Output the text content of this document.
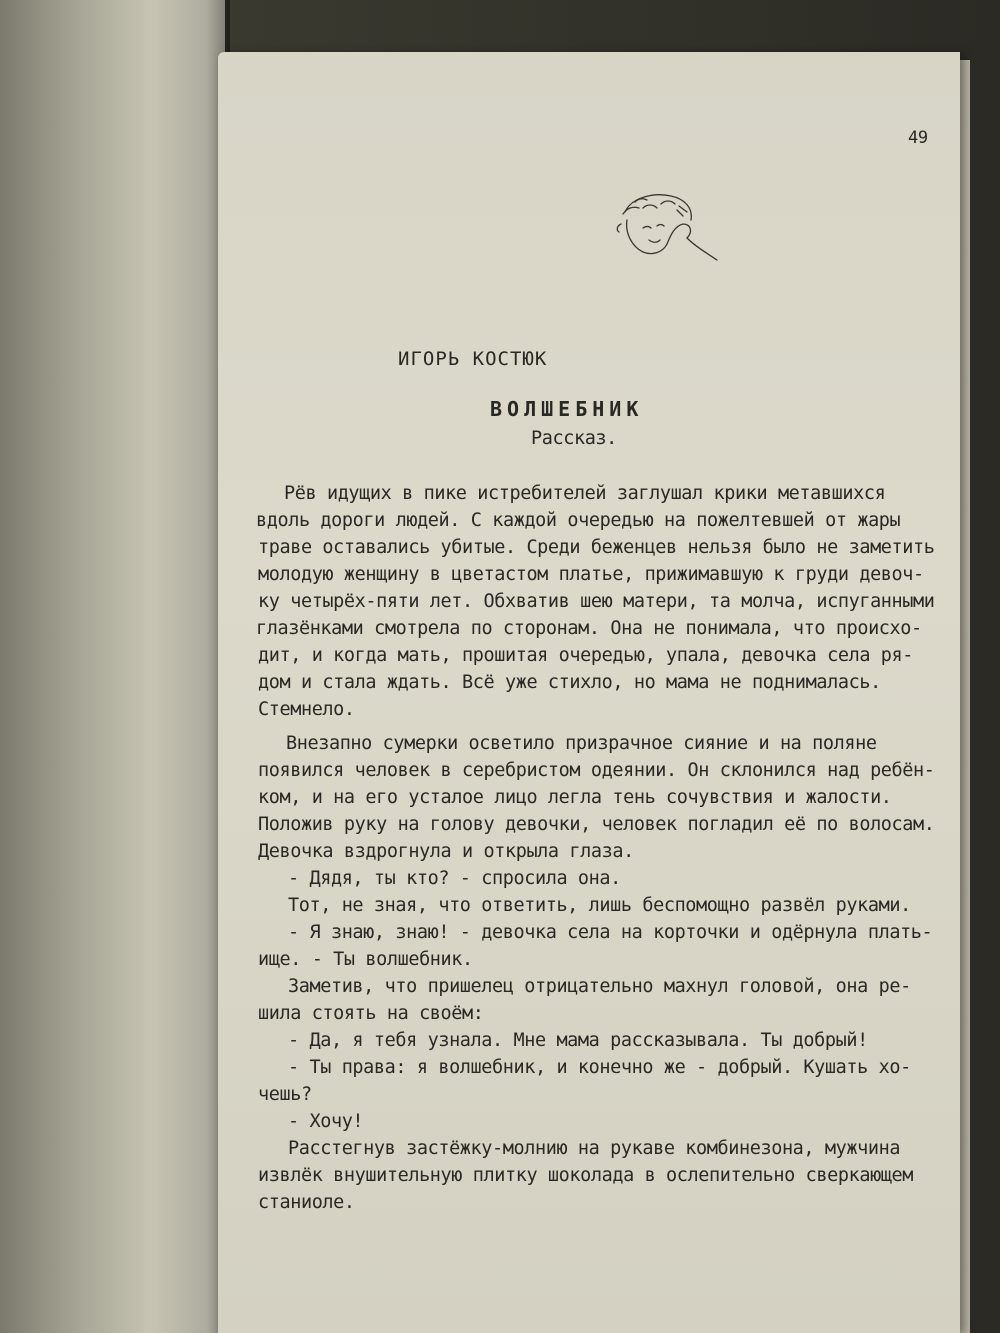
49
ИГОРЬ КОСТЮК
ВОЛШЕБНИК
Рассказ.
Рёв идущих в пике истребителей заглушал крики метавшихся
вдоль дороги людей. С каждой очередью на пожелтевшей от жары
траве оставались убитые. Среди беженцев нельзя было не заметить
молодую женщину в цветастом платье, прижимавшую к груди девоч-
ку четырёх-пяти лет. Обхватив шею матери, та молча, испуганными
глазёнками смотрела по сторонам. Она не понимала, что происхо-
дит, и когда мать, прошитая очередью, упала, девочка села ря-
дом и стала ждать. Всё уже стихло, но мама не поднималась.
Стемнело.
Внезапно сумерки осветило призрачное сияние и на поляне
появился человек в серебристом одеянии. Он склонился над ребён-
ком, и на его усталое лицо легла тень сочувствия и жалости.
Положив руку на голову девочки, человек погладил её по волосам.
Девочка вздрогнула и открыла глаза.
- Дядя, ты кто? - спросила она.
Тот, не зная, что ответить, лишь беспомощно развёл руками.
- Я знаю, знаю! - девочка села на корточки и одёрнула плать-
ище. - Ты волшебник.
Заметив, что пришелец отрицательно махнул головой, она ре-
шила стоять на своём:
- Да, я тебя узнала. Мне мама рассказывала. Ты добрый!
- Ты права: я волшебник, и конечно же - добрый. Кушать хо-
чешь?
- Хочу!
Расстегнув застёжку-молнию на рукаве комбинезона, мужчина
извлёк внушительную плитку шоколада в ослепительно сверкающем
станиоле.
